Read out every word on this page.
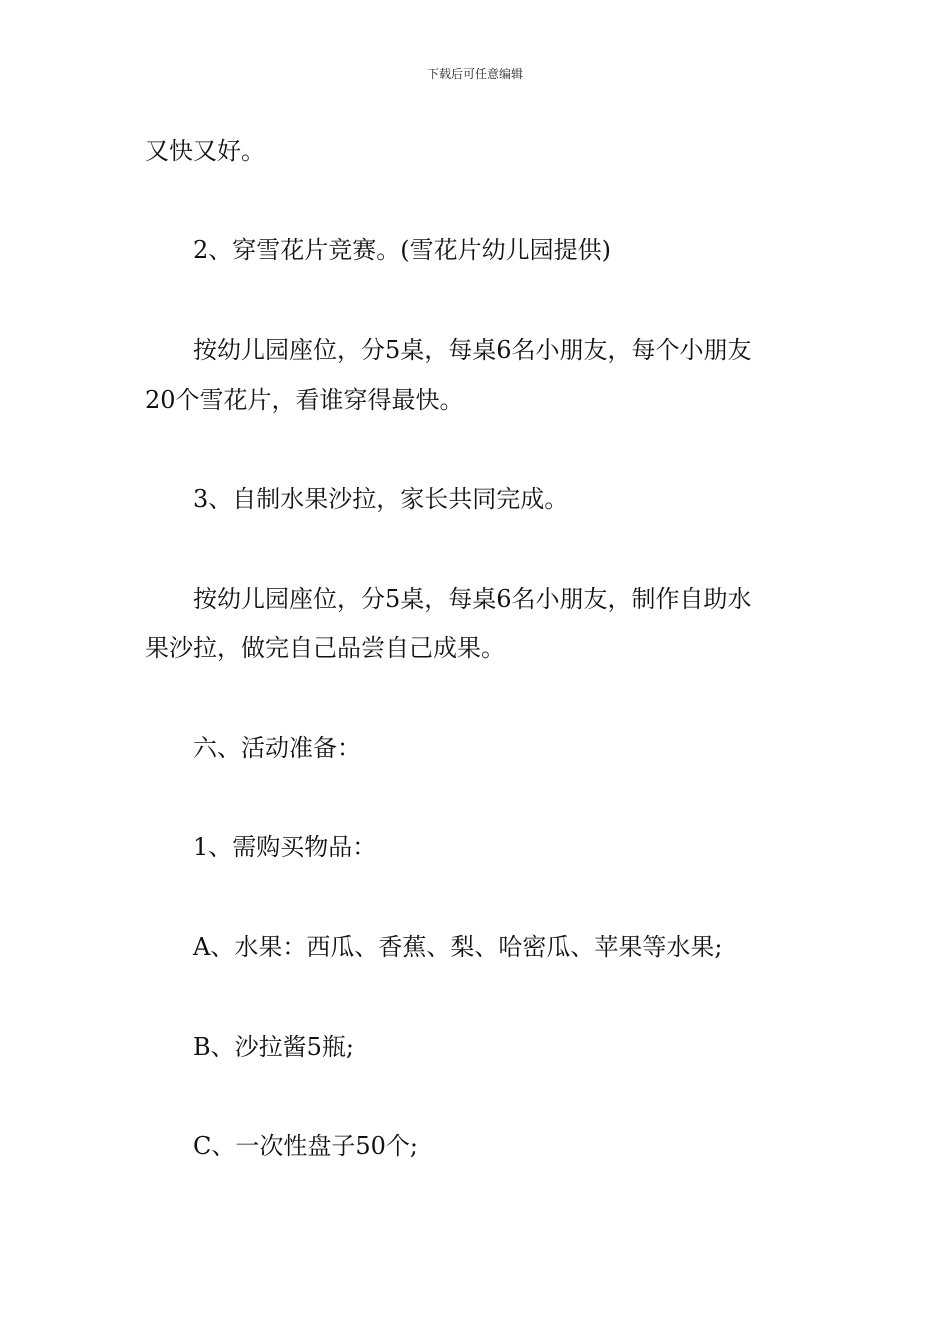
下载后可任意编辑
又快又好。
2、穿雪花片竞赛。(雪花片幼儿园提供)
按幼儿园座位，分5桌，每桌6名小朋友，每个小朋友
20个雪花片，看谁穿得最快。
3、自制水果沙拉，家长共同完成。
按幼儿园座位，分5桌，每桌6名小朋友，制作自助水
果沙拉，做完自己品尝自己成果。
六、活动准备：
1、需购买物品：
A、水果：西瓜、香蕉、梨、哈密瓜、苹果等水果;
B、沙拉酱5瓶;
C、一次性盘子50个;
